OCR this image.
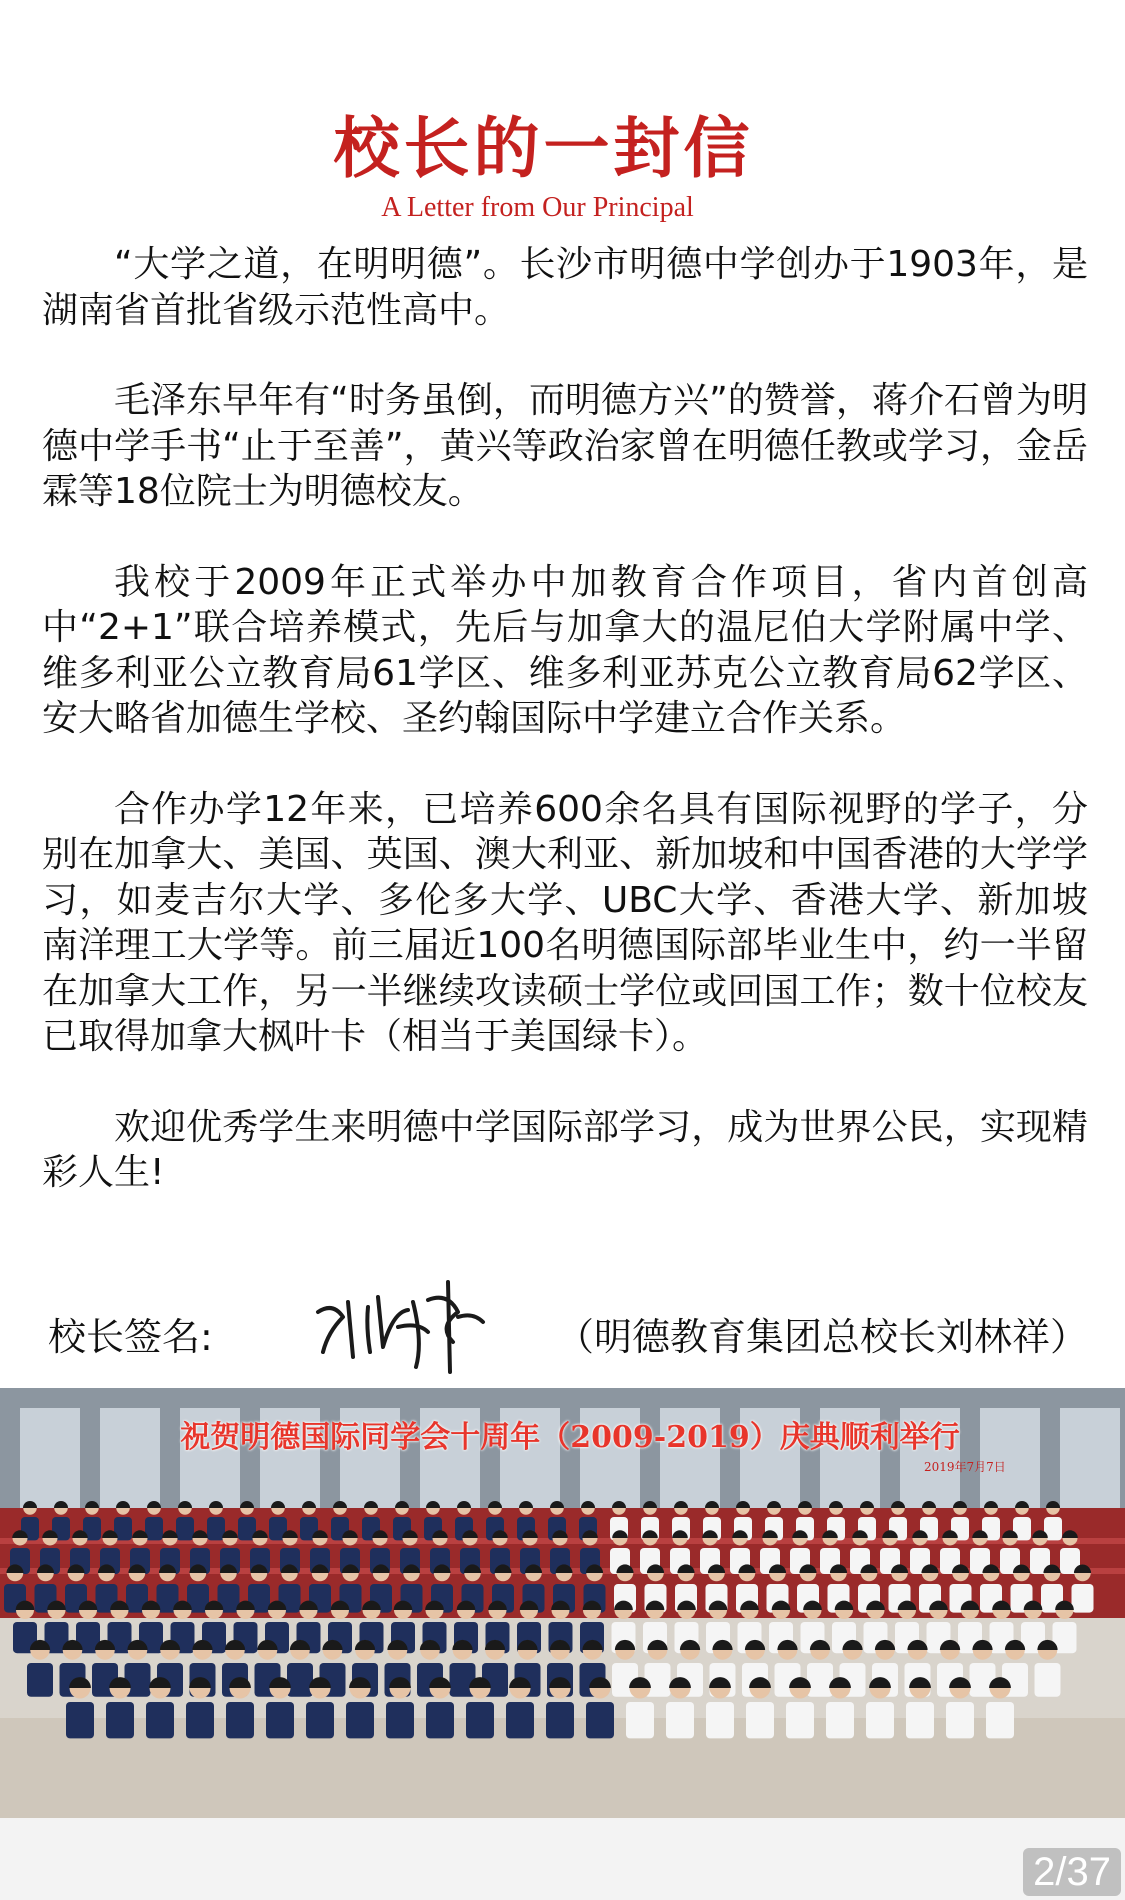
校长的一封信
A Letter from Our Principal

“大学之道，在明明德”。长沙市明德中学创办于1903年，是湖南省首批省级示范性高中。

毛泽东早年有“时务虽倒，而明德方兴”的赞誉，蒋介石曾为明德中学手书“止于至善”，黄兴等政治家曾在明德任教或学习，金岳霖等18位院士为明德校友。

我校于2009年正式举办中加教育合作项目，省内首创高中“2+1”联合培养模式，先后与加拿大的温尼伯大学附属中学、维多利亚公立教育局61学区、维多利亚苏克公立教育局62学区、安大略省加德生学校、圣约翰国际中学建立合作关系。

合作办学12年来，已培养600余名具有国际视野的学子，分别在加拿大、美国、英国、澳大利亚、新加坡和中国香港的大学学习，如麦吉尔大学、多伦多大学、UBC大学、香港大学、新加坡南洋理工大学等。前三届近100名明德国际部毕业生中，约一半留在加拿大工作，另一半继续攻读硕士学位或回国工作；数十位校友已取得加拿大枫叶卡（相当于美国绿卡）。

欢迎优秀学生来明德中学国际部学习，成为世界公民，实现精彩人生!

校长签名:	（明德教育集团总校长刘林祥）
祝贺明德国际同学会十周年（2009-2019）庆典顺利举行
2019年7月7日
2/37
